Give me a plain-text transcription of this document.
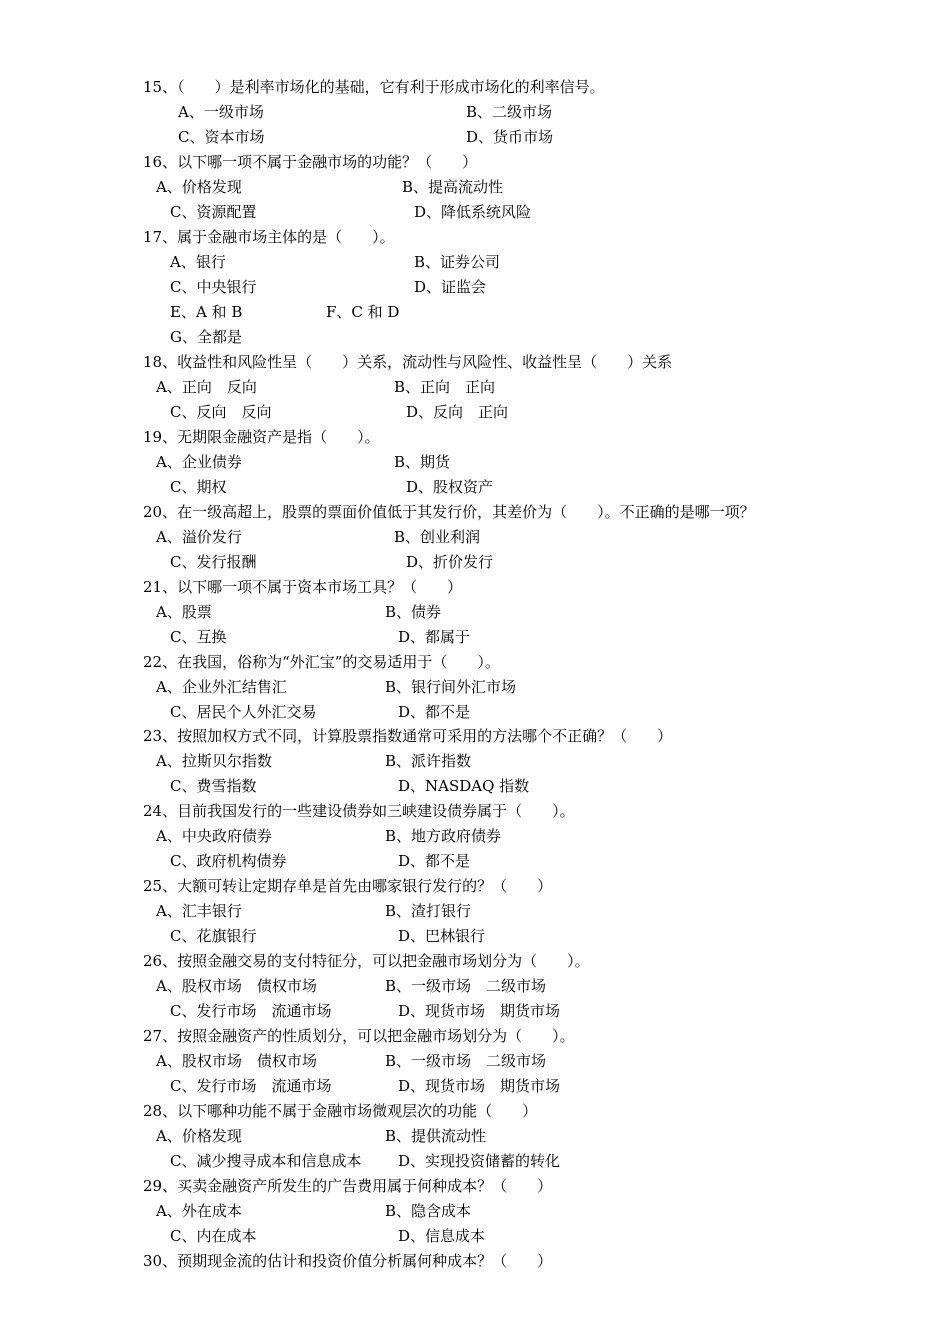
15、（　　）是利率市场化的基础，它有利于形成市场化的利率信号。
A、一级市场	B、二级市场
C、资本市场	D、货币市场
16、以下哪一项不属于金融市场的功能？（　　）
A、价格发现	B、提高流动性
C、资源配置	D、降低系统风险
17、属于金融市场主体的是（　　）。
A、银行	B、证券公司
C、中央银行	D、证监会
E、A 和 B	F、C 和 D
G、全都是
18、收益性和风险性呈（　　）关系，流动性与风险性、收益性呈（　　）关系
A、正向　反向	B、正向　正向
C、反向　反向	D、反向　正向
19、无期限金融资产是指（　　）。
A、企业债券	B、期货
C、期权	D、股权资产
20、在一级高超上，股票的票面价值低于其发行价，其差价为（　　）。不正确的是哪一项？
A、溢价发行	B、创业利润
C、发行报酬	D、折价发行
21、以下哪一项不属于资本市场工具？（　　）
A、股票	B、债券
C、互换	D、都属于
22、在我国，俗称为“外汇宝”的交易适用于（　　）。
A、企业外汇结售汇	B、银行间外汇市场
C、居民个人外汇交易	D、都不是
23、按照加权方式不同，计算股票指数通常可采用的方法哪个不正确？（　　）
A、拉斯贝尔指数	B、派许指数
C、费雪指数	D、NASDAQ 指数
24、目前我国发行的一些建设债券如三峡建设债券属于（　　）。
A、中央政府债券	B、地方政府债券
C、政府机构债券	D、都不是
25、大额可转让定期存单是首先由哪家银行发行的？（　　）
A、汇丰银行	B、渣打银行
C、花旗银行	D、巴林银行
26、按照金融交易的支付特征分，可以把金融市场划分为（　　）。
A、股权市场　债权市场	B、一级市场　二级市场
C、发行市场　流通市场	D、现货市场　期货市场
27、按照金融资产的性质划分，可以把金融市场划分为（　　）。
A、股权市场　债权市场	B、一级市场　二级市场
C、发行市场　流通市场	D、现货市场　期货市场
28、以下哪种功能不属于金融市场微观层次的功能（　　）
A、价格发现	B、提供流动性
C、减少搜寻成本和信息成本 D、实现投资储蓄的转化
29、买卖金融资产所发生的广告费用属于何种成本？（　　）
A、外在成本	B、隐含成本
C、内在成本	D、信息成本
30、预期现金流的估计和投资价值分析属何种成本？（　　）
